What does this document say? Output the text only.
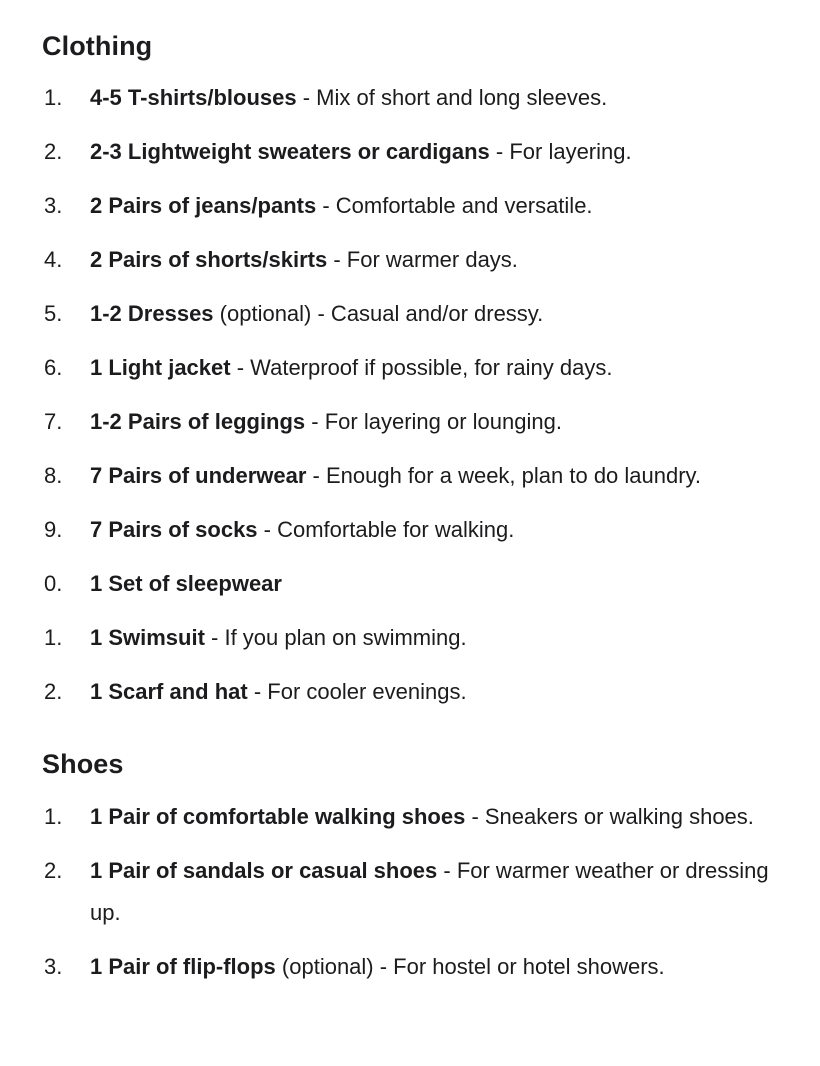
Clothing
1.	4-5 T-shirts/blouses - Mix of short and long sleeves.
2.	2-3 Lightweight sweaters or cardigans - For layering.
3.	2 Pairs of jeans/pants - Comfortable and versatile.
4.	2 Pairs of shorts/skirts - For warmer days.
5.	1-2 Dresses (optional) - Casual and/or dressy.
6.	1 Light jacket - Waterproof if possible, for rainy days.
7.	1-2 Pairs of leggings - For layering or lounging.
8.	7 Pairs of underwear - Enough for a week, plan to do laundry.
9.	7 Pairs of socks - Comfortable for walking.
0.	1 Set of sleepwear
1.	1 Swimsuit - If you plan on swimming.
2.	1 Scarf and hat - For cooler evenings.
Shoes
1.	1 Pair of comfortable walking shoes - Sneakers or walking shoes.
2.	1 Pair of sandals or casual shoes - For warmer weather or dressing up.
3.	1 Pair of flip-flops (optional) - For hostel or hotel showers.
